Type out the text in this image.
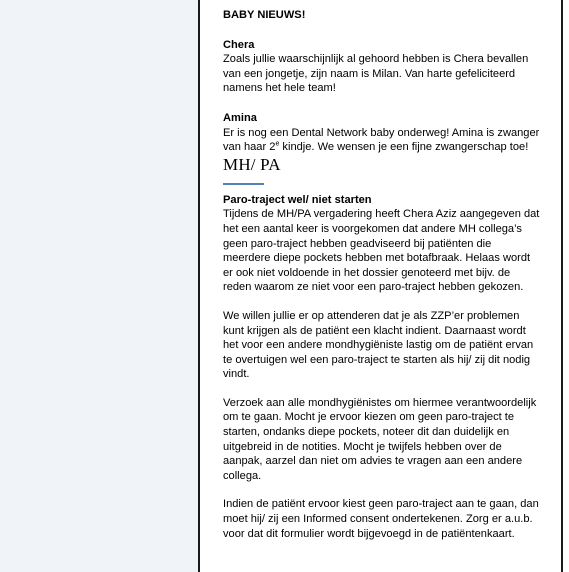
BABY NIEUWS!

Chera

Zoals jullie waarschijnlijk al gehoord hebben is Chera bevallen

van een jongetje, zijn naam is Milan. Van harte gefeliciteerd

namens het hele team!

Amina

Er is nog een Dental Network baby onderweg! Amina is zwanger

van haar 2e kindje. We wensen je een fijne zwangerschap toe!

MH/ PA

Paro-traject wel/ niet starten

Tijdens de MH/PA vergadering heeft Chera Aziz aangegeven dat

het een aantal keer is voorgekomen dat andere MH collega’s

geen paro-traject hebben geadviseerd bij patiënten die

meerdere diepe pockets hebben met botafbraak. Helaas wordt

er ook niet voldoende in het dossier genoteerd met bijv. de

reden waarom ze niet voor een paro-traject hebben gekozen.

We willen jullie er op attenderen dat je als ZZP’er problemen

kunt krijgen als de patiënt een klacht indient. Daarnaast wordt

het voor een andere mondhygiëniste lastig om de patiënt ervan

te overtuigen wel een paro-traject te starten als hij/ zij dit nodig

vindt.

Verzoek aan alle mondhygiënistes om hiermee verantwoordelijk

om te gaan. Mocht je ervoor kiezen om geen paro-traject te

starten, ondanks diepe pockets, noteer dit dan duidelijk en

uitgebreid in de notities. Mocht je twijfels hebben over de

aanpak, aarzel dan niet om advies te vragen aan een andere

collega.

Indien de patiënt ervoor kiest geen paro-traject aan te gaan, dan

moet hij/ zij een Informed consent ondertekenen. Zorg er a.u.b.

voor dat dit formulier wordt bijgevoegd in de patiëntenkaart.
